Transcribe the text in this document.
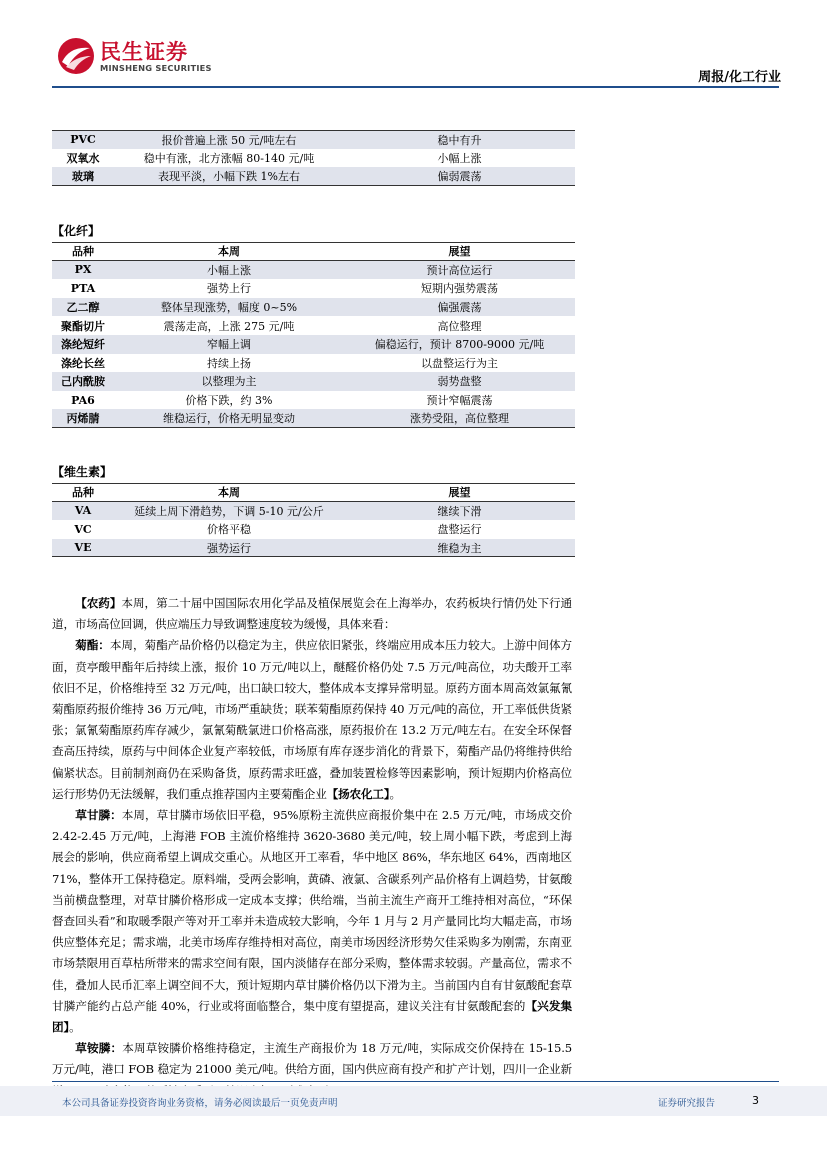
民生证券
MINSHENG SECURITIES
周报/化工行业
PVC	报价普遍上涨 50 元/吨左右	稳中有升
双氧水	稳中有涨，北方涨幅 80-140 元/吨	小幅上涨
玻璃	表现平淡，小幅下跌 1%左右	偏弱震荡
【化纤】
品种	本周	展望
PX	小幅上涨	预计高位运行
PTA	强势上行	短期内强势震荡
乙二醇	整体呈现涨势，幅度 0~5%	偏强震荡
聚酯切片	震荡走高，上涨 275 元/吨	高位整理
涤纶短纤	窄幅上调	偏稳运行，预计 8700-9000 元/吨
涤纶长丝	持续上扬	以盘整运行为主
己内酰胺	以整理为主	弱势盘整
PA6	价格下跌，约 3%	预计窄幅震荡
丙烯腈	维稳运行，价格无明显变动	涨势受阻，高位整理
【维生素】
品种	本周	展望
VA	延续上周下滑趋势，下调 5-10 元/公斤	继续下滑
VC	价格平稳	盘整运行
VE	强势运行	维稳为主

【农药】本周，第二十届中国国际农用化学品及植保展览会在上海举办，农药板块行情仍处下行通道，市场高位回调，供应端压力导致调整速度较为缓慢，具体来看：

菊酯：本周，菊酯产品价格仍以稳定为主，供应依旧紧张，终端应用成本压力较大。上游中间体方面，贲亭酸甲酯年后持续上涨，报价 10 万元/吨以上，醚醛价格仍处 7.5 万元/吨高位，功夫酸开工率依旧不足，价格维持至 32 万元/吨，出口缺口较大，整体成本支撑异常明显。原药方面本周高效氯氟氰菊酯原药报价维持 36 万元/吨，市场严重缺货；联苯菊酯原药保持 40 万元/吨的高位，开工率低供货紧张；氯氰菊酯原药库存减少，氯氰菊酰氯进口价格高涨，原药报价在 13.2 万元/吨左右。在安全环保督查高压持续，原药与中间体企业复产率较低，市场原有库存逐步消化的背景下，菊酯产品仍将维持供给偏紧状态。目前制剂商仍在采购备货，原药需求旺盛，叠加装置检修等因素影响，预计短期内价格高位运行形势仍无法缓解，我们重点推荐国内主要菊酯企业【扬农化工】。

草甘膦：本周，草甘膦市场依旧平稳，95%原粉主流供应商报价集中在 2.5 万元/吨，市场成交价 2.42-2.45 万元/吨，上海港 FOB 主流价格维持 3620-3680 美元/吨，较上周小幅下跌，考虑到上海展会的影响，供应商希望上调成交重心。从地区开工率看，华中地区 86%，华东地区 64%，西南地区 71%，整体开工保持稳定。原料端，受两会影响，黄磷、液氯、含碳系列产品价格有上调趋势，甘氨酸当前横盘整理，对草甘膦价格形成一定成本支撑；供给端，当前主流生产商开工维持相对高位，“环保督查回头看”和取暖季限产等对开工率并未造成较大影响，今年 1 月与 2 月产量同比均大幅走高，市场供应整体充足；需求端，北美市场库存维持相对高位，南美市场因经济形势欠佳采购多为刚需，东南亚市场禁限用百草枯所带来的需求空间有限，国内淡储存在部分采购，整体需求较弱。产量高位，需求不佳，叠加人民币汇率上调空间不大，预计短期内草甘膦价格仍以下滑为主。当前国内自有甘氨酸配套草甘膦产能约占总产能 40%，行业或将面临整合，集中度有望提高，建议关注有甘氨酸配套的【兴发集团】。

草铵膦：本周草铵膦价格维持稳定，主流生产商报价为 18 万元/吨，实际成交价保持在 15-15.5 万元/吨，港口 FOB 稳定为 21000 美元/吨。供给方面，国内供应商有投产和扩产计划，四川一企业新

本公司具备证券投资咨询业务资格，请务必阅读最后一页免责声明	证券研究报告	3
